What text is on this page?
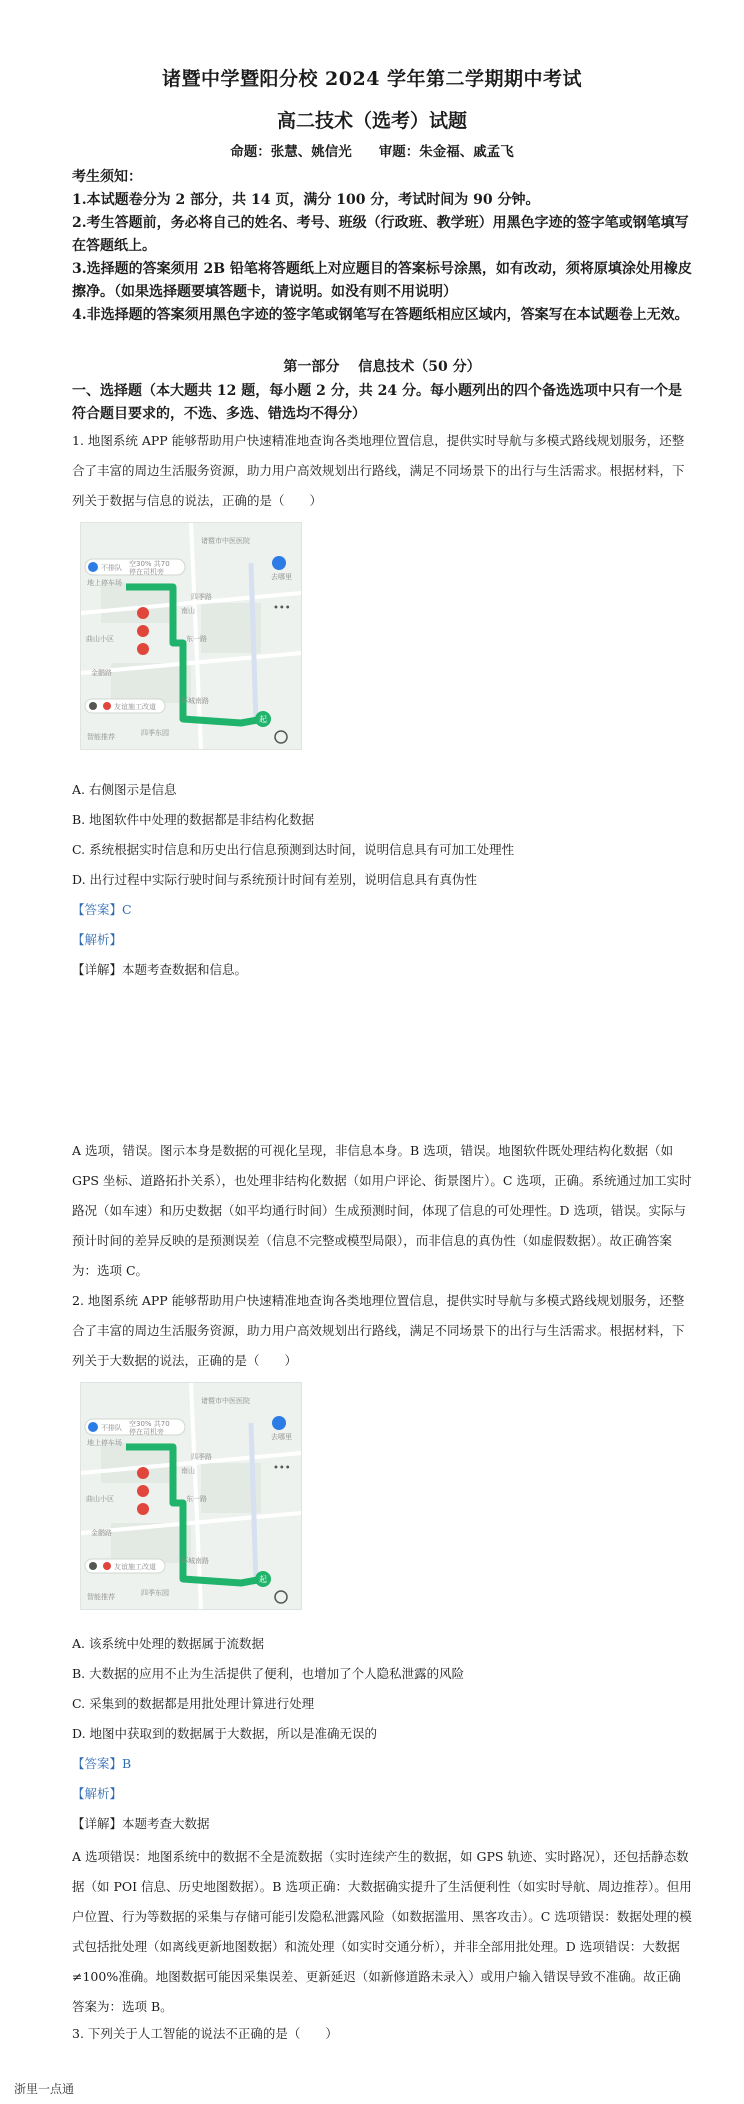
诸暨中学暨阳分校 2024 学年第二学期期中考试
高二技术（选考）试题
命题：张慧、姚信光　　审题：朱金福、戚孟飞
考生须知：
1.本试题卷分为 2 部分，共 14 页，满分 100 分，考试时间为 90 分钟。
2.考生答题前，务必将自己的姓名、考号、班级（行政班、教学班）用黑色字迹的签字笔或钢笔填写在答题纸上。
3.选择题的答案须用 2B 铅笔将答题纸上对应题目的答案标号涂黑，如有改动，须将原填涂处用橡皮擦净。（如果选择题要填答题卡，请说明。如没有则不用说明）
4.非选择题的答案须用黑色字迹的签字笔或钢笔写在答题纸相应区域内，答案写在本试题卷上无效。
第一部分　 信息技术（50 分）
一、选择题（本大题共 12 题，每小题 2 分，共 24 分。每小题列出的四个备选选项中只有一个是符合题目要求的，不选、多选、错选均不得分）
1. 地图系统 APP 能够帮助用户快速精准地查询各类地理位置信息，提供实时导航与多模式路线规划服务，还整合了丰富的周边生活服务资源，助力用户高效规划出行路线，满足不同场景下的出行与生活需求。根据材料，下列关于数据与信息的说法，正确的是（　　）
诸暨市中医医院
四季路
东一路
南山
曲山小区
金鹏路
四季东园
起
不排队 空30% 共70
停在司机旁
地上停车场
友谊施工改道
环城南路
智能推荐
去哪里
•••
A. 右侧图示是信息
B. 地图软件中处理的数据都是非结构化数据
C. 系统根据实时信息和历史出行信息预测到达时间，说明信息具有可加工处理性
D. 出行过程中实际行驶时间与系统预计时间有差别，说明信息具有真伪性
【答案】C
【解析】
【详解】本题考查数据和信息。
A 选项，错误。图示本身是数据的可视化呈现，非信息本身。B 选项，错误。地图软件既处理结构化数据（如 GPS 坐标、道路拓扑关系），也处理非结构化数据（如用户评论、街景图片）。C 选项，正确。系统通过加工实时路况（如车速）和历史数据（如平均通行时间）生成预测时间，体现了信息的可处理性。D 选项，错误。实际与预计时间的差异反映的是预测误差（信息不完整或模型局限），而非信息的真伪性（如虚假数据）。故正确答案为：选项 C。
2. 地图系统 APP 能够帮助用户快速精准地查询各类地理位置信息，提供实时导航与多模式路线规划服务，还整合了丰富的周边生活服务资源，助力用户高效规划出行路线，满足不同场景下的出行与生活需求。根据材料，下列关于大数据的说法，正确的是（　　）
诸暨市中医医院
四季路
东一路
南山
曲山小区
金鹏路
四季东园
起
不排队 空30% 共70
停在司机旁
地上停车场
友谊施工改道
环城南路
智能推荐
去哪里
•••
A. 该系统中处理的数据属于流数据
B. 大数据的应用不止为生活提供了便利，也增加了个人隐私泄露的风险
C. 采集到的数据都是用批处理计算进行处理
D. 地图中获取到的数据属于大数据，所以是准确无误的
【答案】B
【解析】
【详解】本题考查大数据
A 选项错误：地图系统中的数据不全是流数据（实时连续产生的数据，如 GPS 轨迹、实时路况），还包括静态数据（如 POI 信息、历史地图数据）。B 选项正确：大数据确实提升了生活便利性（如实时导航、周边推荐）。但用户位置、行为等数据的采集与存储可能引发隐私泄露风险（如数据滥用、黑客攻击）。C 选项错误：数据处理的模式包括批处理（如离线更新地图数据）和流处理（如实时交通分析），并非全部用批处理。D 选项错误：大数据≠100%准确。地图数据可能因采集误差、更新延迟（如新修道路未录入）或用户输入错误导致不准确。故正确答案为：选项 B。
3. 下列关于人工智能的说法不正确的是（　　）
浙里一点通
